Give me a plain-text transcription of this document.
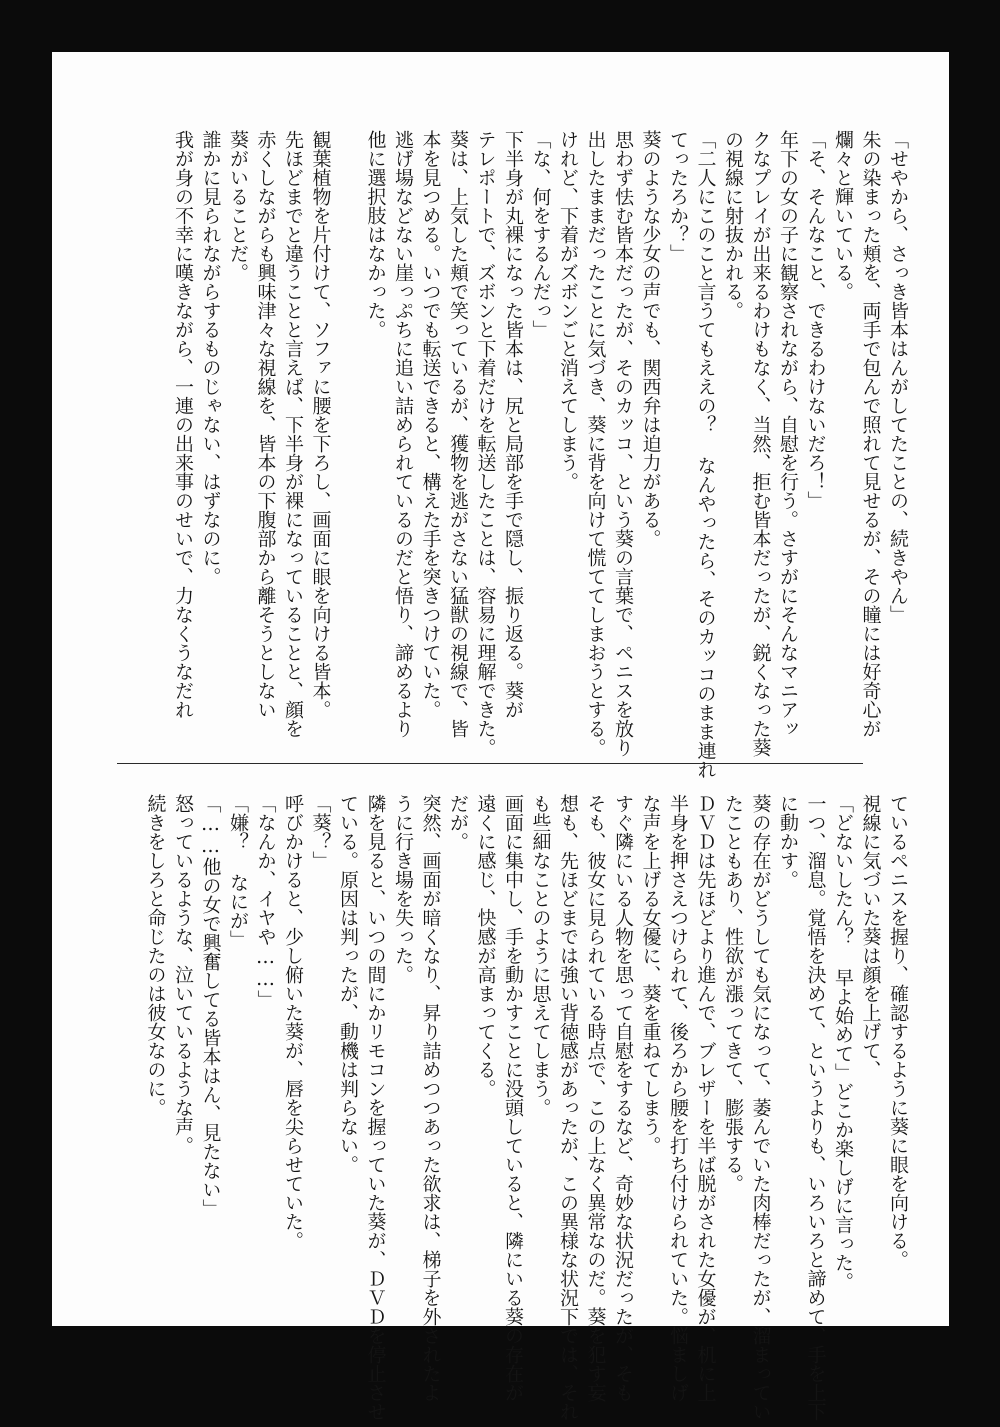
「せやから、さっき皆本はんがしてたことの、続きやん」
朱の染まった頬を、両手で包んで照れて見せるが、その瞳には好奇心が
爛々と輝いている。
「そ、そんなこと、できるわけないだろ！」
年下の女の子に観察されながら、自慰を行う。さすがにそんなマニアッ
クなプレイが出来るわけもなく、当然、拒む皆本だったが、鋭くなった葵
の視線に射抜かれる。
「二人にこのこと言うてもええの？ なんやったら、そのカッコのまま連れ
てったろか？」
葵のような少女の声でも、関西弁は迫力がある。
思わず怯む皆本だったが、そのカッコ、という葵の言葉で、ペニスを放り
出したままだったことに気づき、葵に背を向けて慌ててしまおうとする。
けれど、下着がズボンごと消えてしまう。
「な、何をするんだっ」
下半身が丸裸になった皆本は、尻と局部を手で隠し、振り返る。葵が
テレポートで、ズボンと下着だけを転送したことは、容易に理解できた。
葵は、上気した頬で笑っているが、獲物を逃がさない猛獣の視線で、皆
本を見つめる。いつでも転送できると、構えた手を突きつけていた。
逃げ場などない崖っぷちに追い詰められているのだと悟り、諦めるより
他に選択肢はなかった。
観葉植物を片付けて、ソファに腰を下ろし、画面に眼を向ける皆本。
先ほどまでと違うことと言えば、下半身が裸になっていることと、顔を
赤くしながらも興味津々な視線を、皆本の下腹部から離そうとしない
葵がいることだ。
誰かに見られながらするものじゃない、はずなのに。
我が身の不幸に嘆きながら、一連の出来事のせいで、力なくうなだれ
ているペニスを握り、確認するように葵に眼を向ける。
視線に気づいた葵は顔を上げて、
「どないしたん？ 早よ始めて」どこか楽しげに言った。
一つ、溜息。覚悟を決めて、というよりも、いろいろと諦めて、手を上下
に動かす。
葵の存在がどうしても気になって、萎んでいた肉棒だったが、溜まってい
たこともあり、性欲が漲ってきて、膨張する。
ＤＶＤは先ほどより進んで、ブレザーを半ば脱がされた女優が、机に上
半身を押さえつけられて、後ろから腰を打ち付けられていた。悩ましげ
な声を上げる女優に、葵を重ねてしまう。
すぐ隣にいる人物を思って自慰をするなど、奇妙な状況だったが、そも
そも、彼女に見られている時点で、この上なく異常なのだ。葵を犯す妄
想も、先ほどまでは強い背徳感があったが、この異様な状況下では、それ
も些細なことのように思えてしまう。
画面に集中し、手を動かすことに没頭していると、隣にいる葵の存在が
遠くに感じ、快感が高まってくる。
だが。
突然、画面が暗くなり、昇り詰めつつあった欲求は、梯子を外されたよ
うに行き場を失った。
隣を見ると、いつの間にかリモコンを握っていた葵が、ＤＶＤを停止させ
ている。原因は判ったが、動機は判らない。
「葵？」
呼びかけると、少し俯いた葵が、唇を尖らせていた。
「なんか、イヤや……」
「嫌？ なにが」
「……他の女で興奮してる皆本はん、見たない」
怒っているような、泣いているような声。
続きをしろと命じたのは彼女なのに。
